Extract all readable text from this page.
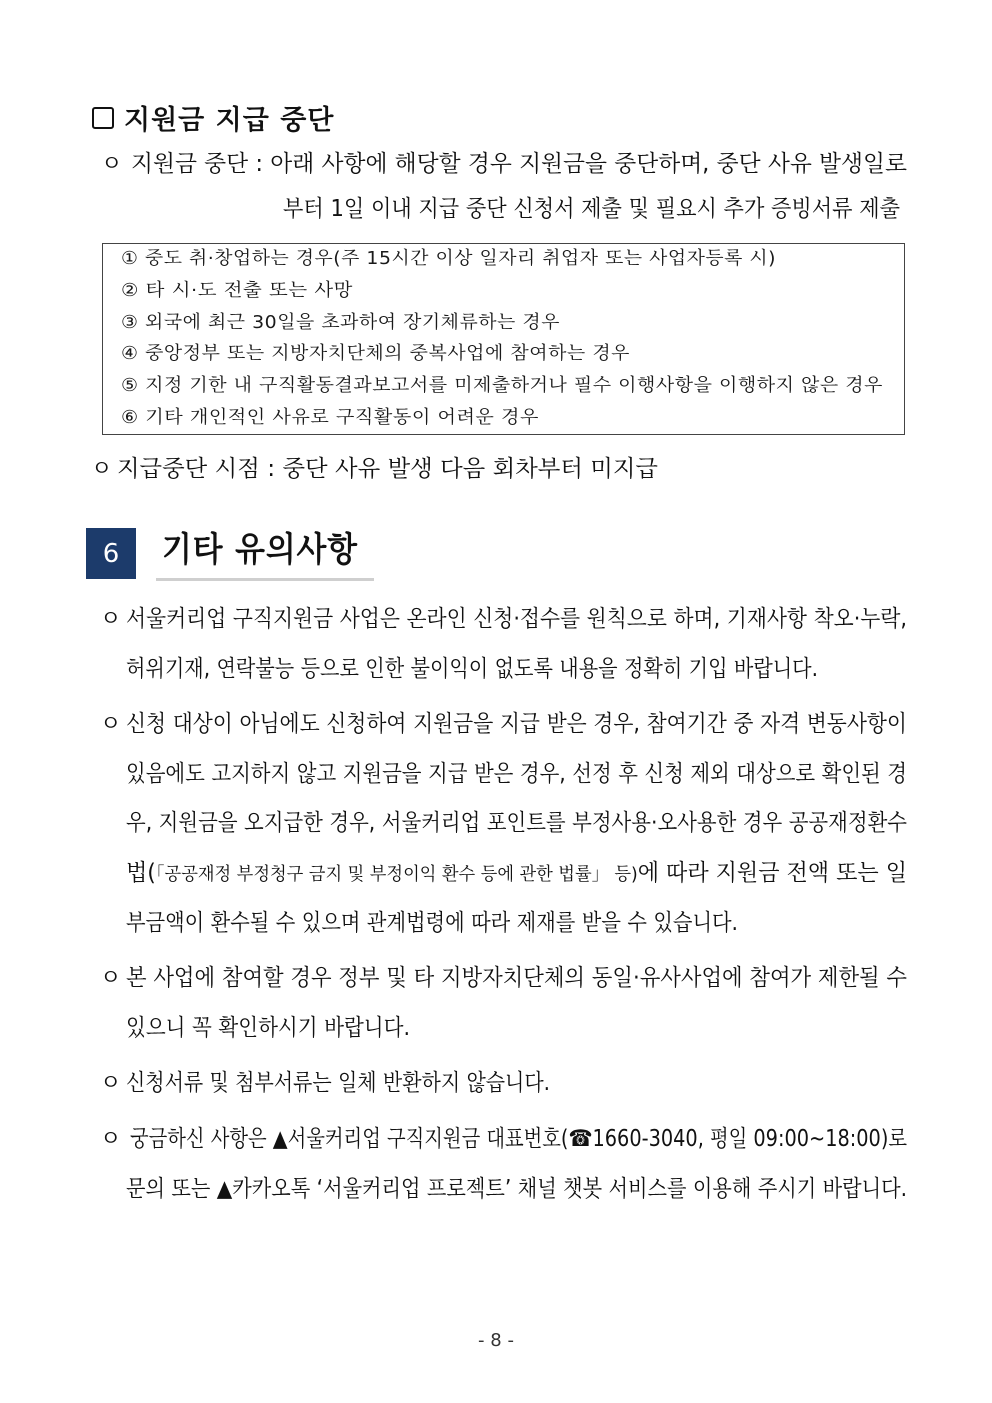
지원금 지급 중단
ㅇ 지원금 중단 : 아래 사항에 해당할 경우 지원금을 중단하며, 중단 사유 발생일로
부터 1일 이내 지급 중단 신청서 제출 및 필요시 추가 증빙서류 제출
① 중도 취·창업하는 경우(주 15시간 이상 일자리 취업자 또는 사업자등록 시)
② 타 시·도 전출 또는 사망
③ 외국에 최근 30일을 초과하여 장기체류하는 경우
④ 중앙정부 또는 지방자치단체의 중복사업에 참여하는 경우
⑤ 지정 기한 내 구직활동결과보고서를 미제출하거나 필수 이행사항을 이행하지 않은 경우
⑥ 기타 개인적인 사유로 구직활동이 어려운 경우
ㅇ 지급중단 시점 : 중단 사유 발생 다음 회차부터 미지급
6	기타 유의사항
ㅇ 서울커리업 구직지원금 사업은 온라인 신청·접수를 원칙으로 하며, 기재사항 착오·누락,
허위기재, 연락불능 등으로 인한 불이익이 없도록 내용을 정확히 기입 바랍니다.
ㅇ 신청 대상이 아님에도 신청하여 지원금을 지급 받은 경우, 참여기간 중 자격 변동사항이
있음에도 고지하지 않고 지원금을 지급 받은 경우, 선정 후 신청 제외 대상으로 확인된 경
우, 지원금을 오지급한 경우, 서울커리업 포인트를 부정사용·오사용한 경우 공공재정환수
법(「공공재정 부정청구 금지 및 부정이익 환수 등에 관한 법률」 등)에 따라 지원금 전액 또는 일
부금액이 환수될 수 있으며 관계법령에 따라 제재를 받을 수 있습니다.
ㅇ 본 사업에 참여할 경우 정부 및 타 지방자치단체의 동일·유사사업에 참여가 제한될 수
있으니 꼭 확인하시기 바랍니다.
ㅇ 신청서류 및 첨부서류는 일체 반환하지 않습니다.
ㅇ 궁금하신 사항은 ▲서울커리업 구직지원금 대표번호(☎1660-3040, 평일 09:00~18:00)로
문의 또는 ▲카카오톡 ‘서울커리업 프로젝트’ 채널 챗봇 서비스를 이용해 주시기 바랍니다.
- 8 -
